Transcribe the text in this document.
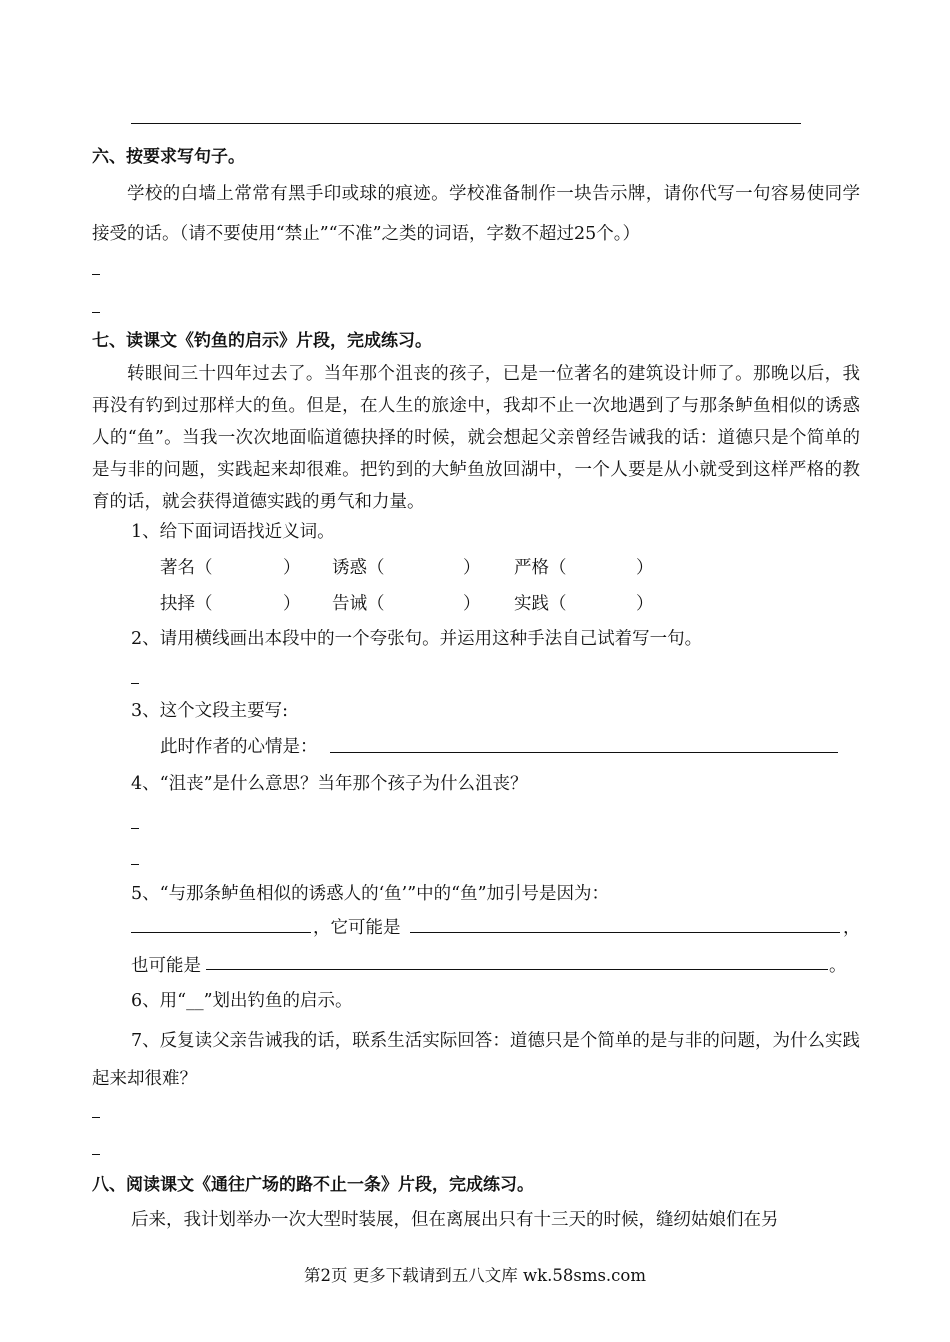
六、按要求写句子。
学校的白墙上常常有黑手印或球的痕迹。学校准备制作一块告示牌，请你代写一句容易使同学接受的话。（请不要使用“禁止”“不准”之类的词语，字数不超过25个。）
七、读课文《钓鱼的启示》片段，完成练习。
转眼间三十四年过去了。当年那个沮丧的孩子，已是一位著名的建筑设计师了。那晚以后，我再没有钓到过那样大的鱼。但是，在人生的旅途中，我却不止一次地遇到了与那条鲈鱼相似的诱惑人的“鱼”。当我一次次地面临道德抉择的时候，就会想起父亲曾经告诫我的话：道德只是个简单的是与非的问题，实践起来却很难。把钓到的大鲈鱼放回湖中，一个人要是从小就受到这样严格的教育的话，就会获得道德实践的勇气和力量。
1、给下面词语找近义词。
著名（	） 诱惑（	） 严格（	）
抉择（	） 告诫（	） 实践（	）
2、请用横线画出本段中的一个夸张句。并运用这种手法自己试着写一句。
3、这个文段主要写:
此时作者的心情是：
4、“沮丧”是什么意思？当年那个孩子为什么沮丧？
5、“与那条鲈鱼相似的诱惑人的‘鱼’”中的“鱼”加引号是因为：
，它可能是	，
也可能是	。
6、用“__”划出钓鱼的启示。
7、反复读父亲告诫我的话，联系生活实际回答：道德只是个简单的是与非的问题，为什么实践起来却很难？
八、阅读课文《通往广场的路不止一条》片段，完成练习。
后来，我计划举办一次大型时装展，但在离展出只有十三天的时候，缝纫姑娘们在另
第2页 更多下载请到五八文库 wk.58sms.com
